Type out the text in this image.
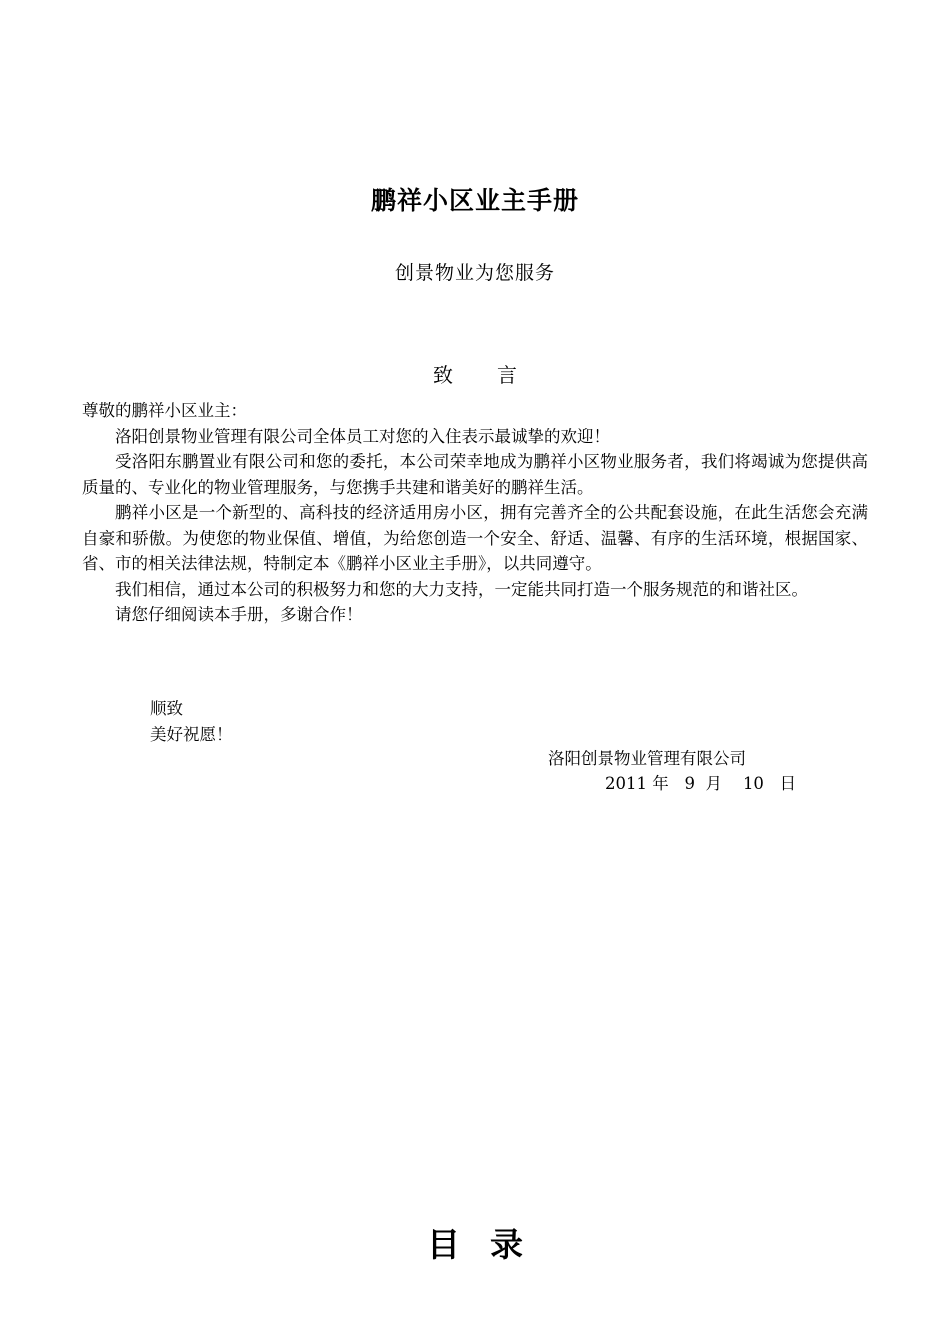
鹏祥小区业主手册
创景物业为您服务
致 言

尊敬的鹏祥小区业主：

洛阳创景物业管理有限公司全体员工对您的入住表示最诚挚的欢迎！

受洛阳东鹏置业有限公司和您的委托，本公司荣幸地成为鹏祥小区物业服务者，我们将竭诚为您提供高质量的、专业化的物业管理服务，与您携手共建和谐美好的鹏祥生活。

鹏祥小区是一个新型的、高科技的经济适用房小区，拥有完善齐全的公共配套设施，在此生活您会充满自豪和骄傲。为使您的物业保值、增值，为给您创造一个安全、舒适、温馨、有序的生活环境，根据国家、省、市的相关法律法规，特制定本《鹏祥小区业主手册》，以共同遵守。

我们相信，通过本公司的积极努力和您的大力支持，一定能共同打造一个服务规范的和谐社区。

请您仔细阅读本手册，多谢合作！

顺致
美好祝愿！
洛阳创景物业管理有限公司
2011 年   9  月    10   日
目 录
